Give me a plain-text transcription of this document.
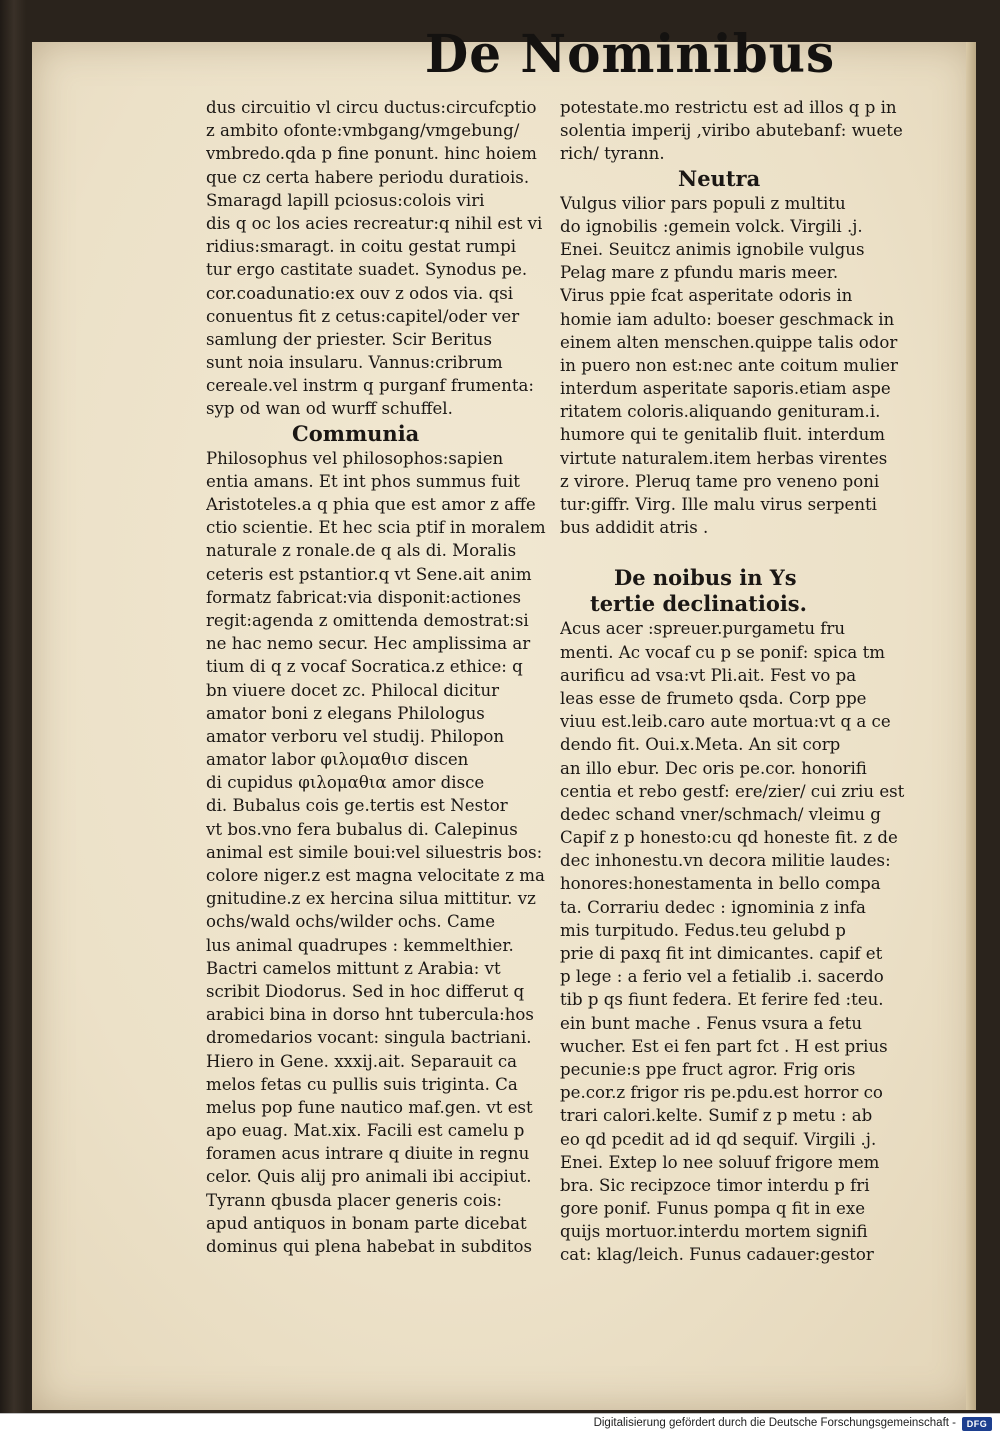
De Nominibus
dus circuitio vl circu ductus:circufcptio
z ambito ofonte:vmbgang/vmgebung/
vmbredo.qda p fine ponunt. hinc hoiem
que cz certa habere periodu duratiois.
Smaragd lapill pciosus:colois viri
dis q oc los acies recreatur:q nihil est vi
ridius:smaragt. in coitu gestat rumpi
tur ergo castitate suadet. Synodus pe.
cor.coadunatio:ex ouv z odos via. qsi
conuentus fit z cetus:capitel/oder ver
samlung der priester. Scir Beritus
sunt noia insularu. Vannus:cribrum
cereale.vel instrm q purganf frumenta:
syp od wan od wurff schuffel.
Communia
Philosophus vel philosophos:sapien
entia amans. Et int phos summus fuit
Aristoteles.a q phia que est amor z affe
ctio scientie. Et hec scia ptif in moralem
naturale z ronale.de q als di. Moralis
ceteris est pstantior.q vt Sene.ait anim
formatz fabricat:via disponit:actiones
regit:agenda z omittenda demostrat:si
ne hac nemo secur. Hec amplissima ar
tium di q z vocaf Socratica.z ethice: q
bn viuere docet zc. Philocal dicitur
amator boni z elegans Philologus
amator verboru vel studij. Philopon
amator labor φιλομαθισ discen
di cupidus φιλομαθια amor disce
di. Bubalus cois ge.tertis est Nestor
vt bos.vno fera bubalus di. Calepinus
animal est simile boui:vel siluestris bos:
colore niger.z est magna velocitate z ma
gnitudine.z ex hercina silua mittitur. vz
ochs/wald ochs/wilder ochs. Came
lus animal quadrupes : kemmelthier.
Bactri camelos mittunt z Arabia: vt
scribit Diodorus. Sed in hoc differut q
arabici bina in dorso hnt tubercula:hos
dromedarios vocant: singula bactriani.
Hiero in Gene. xxxij.ait. Separauit ca
melos fetas cu pullis suis triginta. Ca
melus pop fune nautico maf.gen. vt est
apo euag. Mat.xix. Facili est camelu p
foramen acus intrare q diuite in regnu
celor. Quis alij pro animali ibi accipiut.
Tyrann qbusda placer generis cois:
apud antiquos in bonam parte dicebat
dominus qui plena habebat in subditos
potestate.mo restrictu est ad illos q p in
solentia imperij ,viribo abutebanf: wuete
rich/ tyrann.
Neutra
Vulgus vilior pars populi z multitu
do ignobilis :gemein volck. Virgili .j.
Enei. Seuitcz animis ignobile vulgus
Pelag mare z pfundu maris meer.
Virus ppie fcat asperitate odoris in
homie iam adulto: boeser geschmack in
einem alten menschen.quippe talis odor
in puero non est:nec ante coitum mulier
interdum asperitate saporis.etiam aspe
ritatem coloris.aliquando genituram.i.
humore qui te genitalib fluit. interdum
virtute naturalem.item herbas virentes
z virore. Pleruq tame pro veneno poni
tur:giffr. Virg. Ille malu virus serpenti
bus addidit atris .
De noibus in Ys
tertie declinatiois.
Acus acer :spreuer.purgametu fru
menti. Ac vocaf cu p se ponif: spica tm
aurificu ad vsa:vt Pli.ait. Fest vo pa
leas esse de frumeto qsda. Corp ppe
viuu est.leib.caro aute mortua:vt q a ce
dendo fit. Oui.x.Meta. An sit corp
an illo ebur. Dec oris pe.cor. honorifi
centia et rebo gestf: ere/zier/ cui zriu est
dedec schand vner/schmach/ vleimu g
Capif z p honesto:cu qd honeste fit. z de
dec inhonestu.vn decora militie laudes:
honores:honestamenta in bello compa
ta. Corrariu dedec : ignominia z infa
mis turpitudo. Fedus.teu gelubd p
prie di paxq fit int dimicantes. capif et
p lege : a ferio vel a fetialib .i. sacerdo
tib p qs fiunt federa. Et ferire fed :teu.
ein bunt mache . Fenus vsura a fetu
wucher. Est ei fen part fct . H est prius
pecunie:s ppe fruct agror. Frig oris
pe.cor.z frigor ris pe.pdu.est horror co
trari calori.kelte. Sumif z p metu : ab
eo qd pcedit ad id qd sequif. Virgili .j.
Enei. Extep lo nee soluuf frigore mem
bra. Sic recipzoce timor interdu p fri
gore ponif. Funus pompa q fit in exe
quijs mortuor.interdu mortem signifi
cat: klag/leich. Funus cadauer:gestor
Digitalisierung gefördert durch die Deutsche Forschungsgemeinschaft -	DFG
